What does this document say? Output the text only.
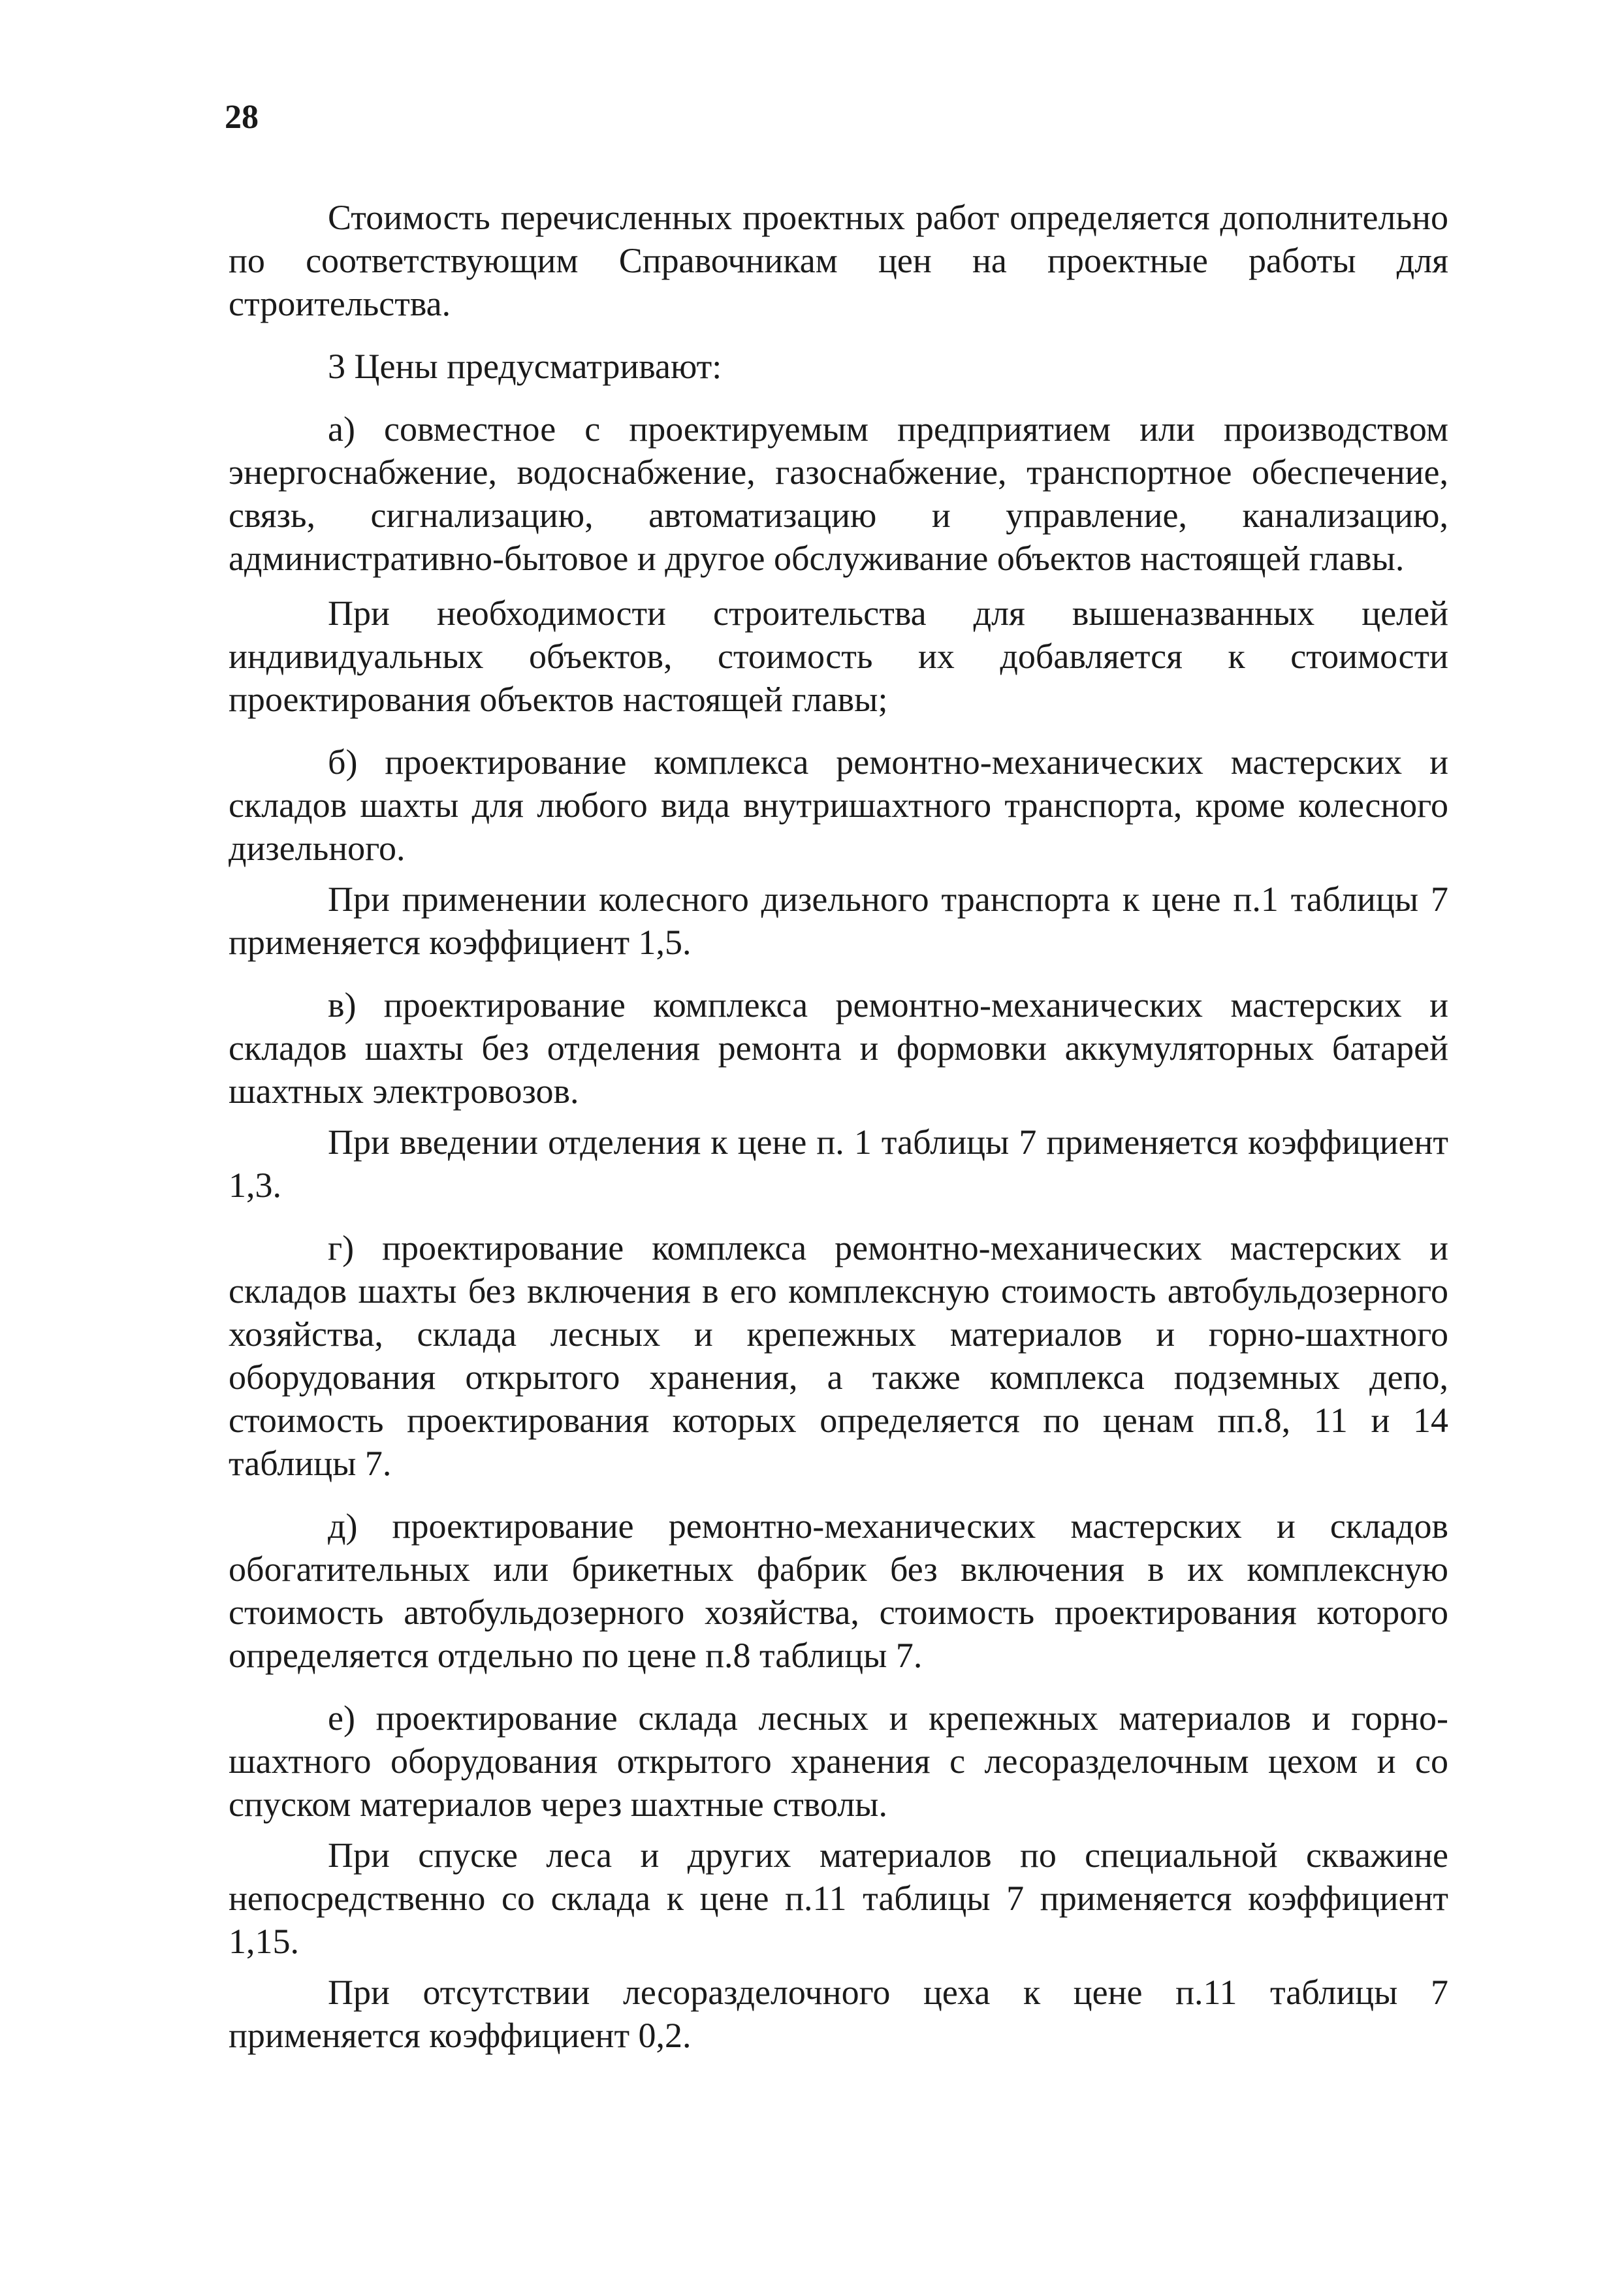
28

Стоимость перечисленных проектных работ определяется дополнительно по соответствующим Справочникам цен на проектные работы для строительства.

3 Цены предусматривают:

а) совместное с проектируемым предприятием или производством энергоснабжение, водоснабжение, газоснабжение, транспортное обеспечение, связь, сигнализацию, автоматизацию и управление, канализацию, административно-бытовое и другое обслуживание объектов настоящей главы.

При необходимости строительства для вышеназванных целей индивидуальных объектов, стоимость их добавляется к стоимости проектирования объектов настоящей главы;

б) проектирование комплекса ремонтно-механических мастерских и складов шахты для любого вида внутришахтного транспорта, кроме колесного дизельного.

При применении колесного дизельного транспорта к цене п.1 таблицы 7 применяется коэффициент 1,5.

в) проектирование комплекса ремонтно-механических мастерских и складов шахты без отделения ремонта и формовки аккумуляторных батарей шахтных электровозов.

При введении отделения к цене п. 1 таблицы 7 применяется коэффициент 1,3.

г) проектирование комплекса ремонтно-механических мастерских и складов шахты без включения в его комплексную стоимость автобульдозерного хозяйства, склада лесных и крепежных материалов и горно-шахтного оборудования открытого хранения, а также комплекса подземных депо, стоимость проектирования которых определяется по ценам пп.8, 11 и 14 таблицы 7.

д) проектирование ремонтно-механических мастерских и складов обогатительных или брикетных фабрик без включения в их комплексную стоимость автобульдозерного хозяйства, стоимость проектирования которого определяется отдельно по цене п.8 таблицы 7.

е) проектирование склада лесных и крепежных материалов и горно-шахтного оборудования открытого хранения с лесоразделочным цехом и со спуском материалов через шахтные стволы.

При спуске леса и других материалов по специальной скважине непосредственно со склада к цене п.11 таблицы 7 применяется коэффициент 1,15.

При отсутствии лесоразделочного цеха к цене п.11 таблицы 7 применяется коэффициент 0,2.
